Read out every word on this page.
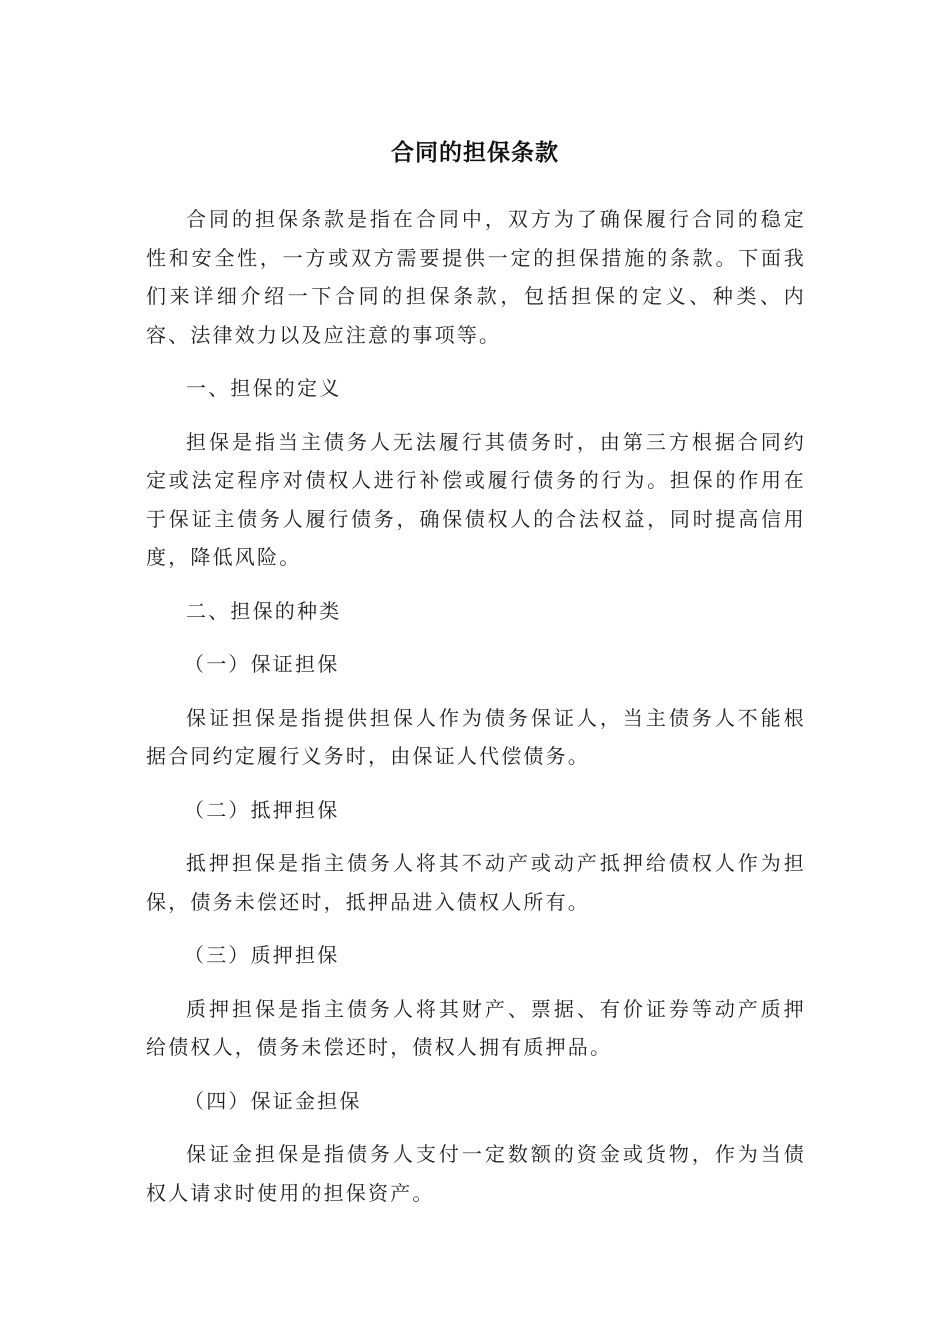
合同的担保条款

合同的担保条款是指在合同中，双方为了确保履行合同的稳定性和安全性，一方或双方需要提供一定的担保措施的条款。下面我们来详细介绍一下合同的担保条款，包括担保的定义、种类、内容、法律效力以及应注意的事项等。

一、担保的定义

担保是指当主债务人无法履行其债务时，由第三方根据合同约定或法定程序对债权人进行补偿或履行债务的行为。担保的作用在于保证主债务人履行债务，确保债权人的合法权益，同时提高信用度，降低风险。

二、担保的种类

（一）保证担保

保证担保是指提供担保人作为债务保证人，当主债务人不能根据合同约定履行义务时，由保证人代偿债务。

（二）抵押担保

抵押担保是指主债务人将其不动产或动产抵押给债权人作为担保，债务未偿还时，抵押品进入债权人所有。

（三）质押担保

质押担保是指主债务人将其财产、票据、有价证券等动产质押给债权人，债务未偿还时，债权人拥有质押品。

（四）保证金担保

保证金担保是指债务人支付一定数额的资金或货物，作为当债权人请求时使用的担保资产。
